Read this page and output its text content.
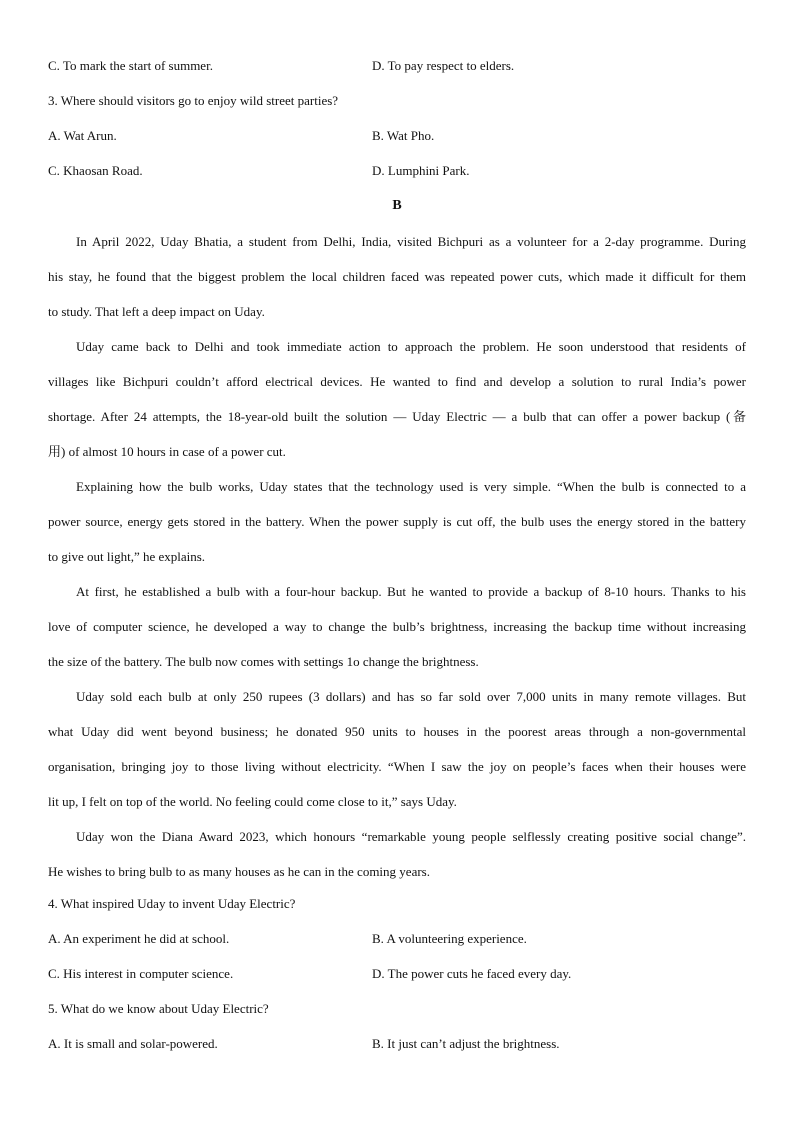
C. To mark the start of summer.	D. To pay respect to elders.
3. Where should visitors go to enjoy wild street parties?
A. Wat Arun.	B. Wat Pho.
C. Khaosan Road.	D. Lumphini Park.
B
In April 2022, Uday Bhatia, a student from Delhi, India, visited Bichpuri as a volunteer for a 2-day programme. During
his stay, he found that the biggest problem the local children faced was repeated power cuts, which made it difficult for them
to study. That left a deep impact on Uday.
Uday came back to Delhi and took immediate action to approach the problem. He soon understood that residents of
villages like Bichpuri couldn’t afford electrical devices. He wanted to find and develop a solution to rural India’s power
shortage. After 24 attempts, the 18-year-old built the solution — Uday Electric — a bulb that can offer a power backup (备
用) of almost 10 hours in case of a power cut.
Explaining how the bulb works, Uday states that the technology used is very simple. “When the bulb is connected to a
power source, energy gets stored in the battery. When the power supply is cut off, the bulb uses the energy stored in the battery
to give out light,” he explains.
At first, he established a bulb with a four-hour backup. But he wanted to provide a backup of 8-10 hours. Thanks to his
love of computer science, he developed a way to change the bulb’s brightness, increasing the backup time without increasing
the size of the battery. The bulb now comes with settings 1o change the brightness.
Uday sold each bulb at only 250 rupees (3 dollars) and has so far sold over 7,000 units in many remote villages. But
what Uday did went beyond business; he donated 950 units to houses in the poorest areas through a non-governmental
organisation, bringing joy to those living without electricity. “When I saw the joy on people’s faces when their houses were
lit up, I felt on top of the world. No feeling could come close to it,” says Uday.
Uday won the Diana Award 2023, which honours “remarkable young people selflessly creating positive social change”.
He wishes to bring bulb to as many houses as he can in the coming years.
4. What inspired Uday to invent Uday Electric?
A. An experiment he did at school.	B. A volunteering experience.
C. His interest in computer science.	D. The power cuts he faced every day.
5. What do we know about Uday Electric?
A. It is small and solar-powered.	B. It just can’t adjust the brightness.
